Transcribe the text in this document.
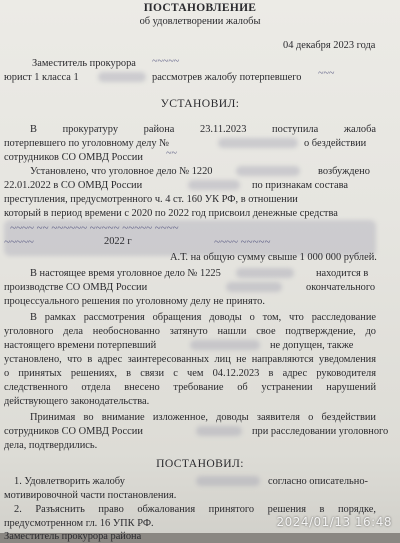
ПОСТАНОВЛЕНИЕ
об удовлетворении жалобы
04 декабря 2023 года
Заместитель прокурора ~~~~~
юрист 1 класса 1	рассмотрев жалобу потерпевшего ~~~
УСТАНОВИЛ:
В прокуратуру района 23.11.2023 поступила жалоба
потерпевшего по уголовному делу №	о бездействии
сотрудников СО ОМВД России ~~
Установлено, что уголовное дело № 1220	возбуждено
22.01.2022 в СО ОМВД России	по признакам состава
преступления, предусмотренного ч. 4 ст. 160 УК РФ, в отношении
который в период времени с 2020 по 2022 год присвоил денежные средства
~~~~ ~~ ~~~~~~ ~~~~~ ~~~~~ ~~~~
2022 г
~~~~~	~~~~ ~~~~~
А.Т. на общую сумму свыше 1 000 000 рублей.
В настоящее время уголовное дело № 1225	находится в
производстве СО ОМВД России	окончательного
процессуального решения по уголовному делу не принято.
В рамках рассмотрения обращения доводы о том, что расследование
уголовного дела необоснованно затянуто нашли свое подтверждение, до
настоящего времени потерпевший	не допущен, также
установлено, что в адрес заинтересованных лиц не направляются уведомления
о принятых решениях, в связи с чем 04.12.2023 в адрес руководителя
следственного отдела внесено требование об устранении нарушений
действующего законодательства.
Принимая во внимание изложенное, доводы заявителя о бездействии
сотрудников СО ОМВД России	при расследовании уголовного
дела, подтвердились.
ПОСТАНОВИЛ:
1. Удовлетворить жалобу	согласно описательно-
мотивировочной части постановления.
2. Разъяснить право обжалования принятого решения в порядке,
предусмотренном гл. 16 УПК РФ.
Заместитель прокурора района
2024/01/13 16:48
